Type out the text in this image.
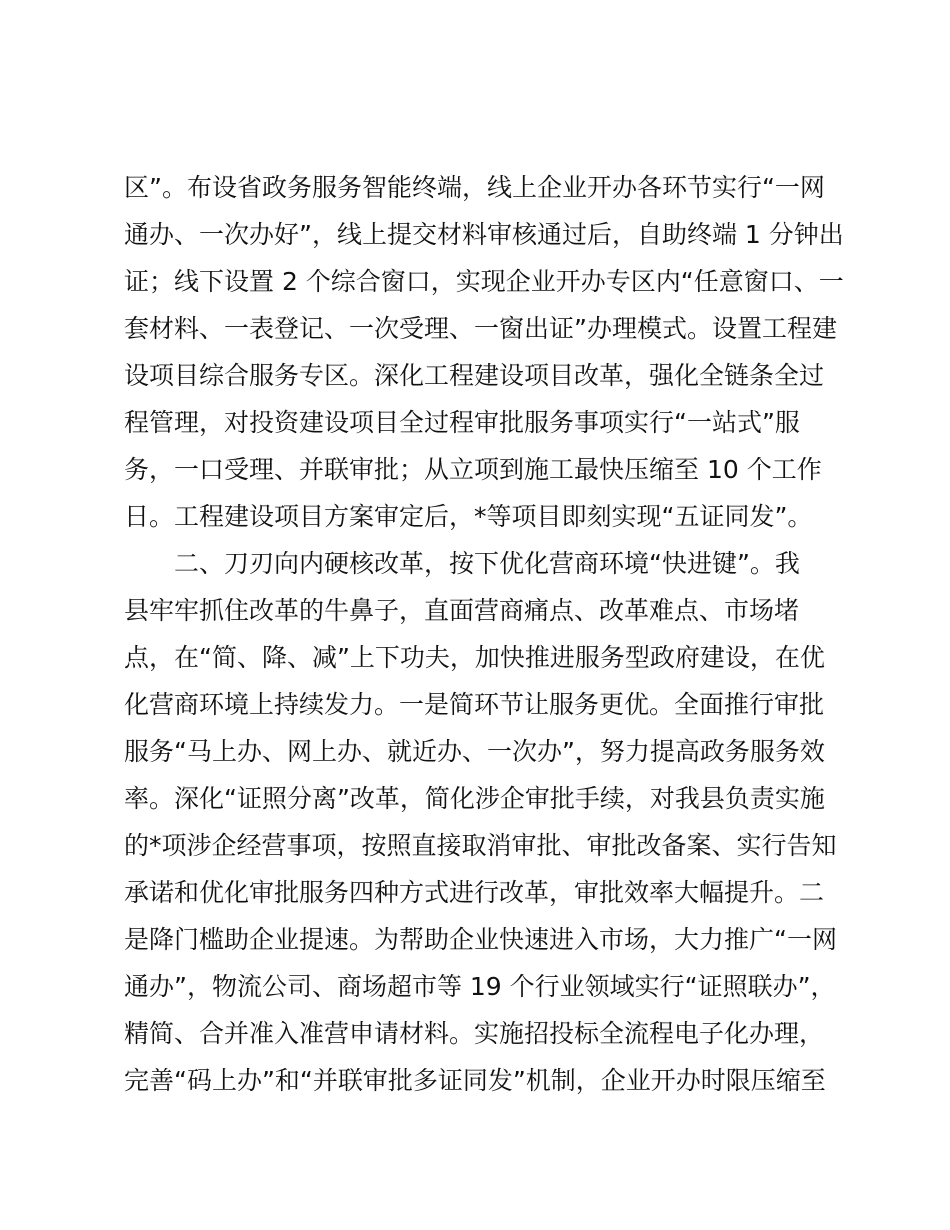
区”。布设省政务服务智能终端，线上企业开办各环节实行“一网
通办、一次办好”，线上提交材料审核通过后，自助终端 1 分钟出
证；线下设置 2 个综合窗口，实现企业开办专区内“任意窗口、一
套材料、一表登记、一次受理、一窗出证”办理模式。设置工程建
设项目综合服务专区。深化工程建设项目改革，强化全链条全过
程管理，对投资建设项目全过程审批服务事项实行“一站式”服
务，一口受理、并联审批；从立项到施工最快压缩至 10 个工作
日。工程建设项目方案审定后，*等项目即刻实现“五证同发”。
二、刀刃向内硬核改革，按下优化营商环境“快进键”。我
县牢牢抓住改革的牛鼻子，直面营商痛点、改革难点、市场堵
点，在“简、降、减”上下功夫，加快推进服务型政府建设，在优
化营商环境上持续发力。一是简环节让服务更优。全面推行审批
服务“马上办、网上办、就近办、一次办”，努力提高政务服务效
率。深化“证照分离”改革，简化涉企审批手续，对我县负责实施
的*项涉企经营事项，按照直接取消审批、审批改备案、实行告知
承诺和优化审批服务四种方式进行改革，审批效率大幅提升。二
是降门槛助企业提速。为帮助企业快速进入市场，大力推广“一网
通办”，物流公司、商场超市等 19 个行业领域实行“证照联办”，
精简、合并准入准营申请材料。实施招投标全流程电子化办理，
完善“码上办”和“并联审批多证同发”机制，企业开办时限压缩至
